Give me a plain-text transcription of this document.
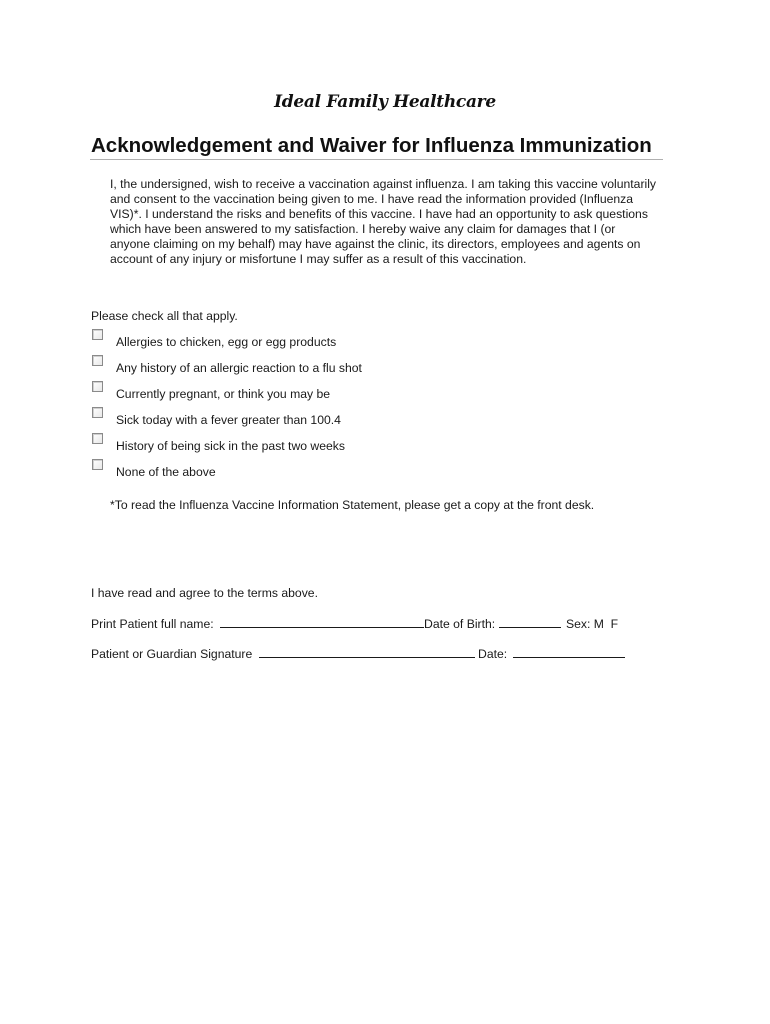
Ideal Family Healthcare
Acknowledgement and Waiver for Influenza Immunization
I, the undersigned, wish to receive a vaccination against influenza. I am taking this vaccine voluntarily and consent to the vaccination being given to me. I have read the information provided (Influenza VIS)*. I understand the risks and benefits of this vaccine. I have had an opportunity to ask questions which have been answered to my satisfaction. I hereby waive any claim for damages that I (or anyone claiming on my behalf) may have against the clinic, its directors, employees and agents on account of any injury or misfortune I may suffer as a result of this vaccination.
Please check all that apply.
Allergies to chicken, egg or egg products
Any history of an allergic reaction to a flu shot
Currently pregnant, or think you may be
Sick today with a fever greater than 100.4
History of being sick in the past two weeks
None of the above
*To read the Influenza Vaccine Information Statement, please get a copy at the front desk.
I have read and agree to the terms above.
Print Patient full name:	Date of Birth:	Sex: M  F
Patient or Guardian Signature	Date:
